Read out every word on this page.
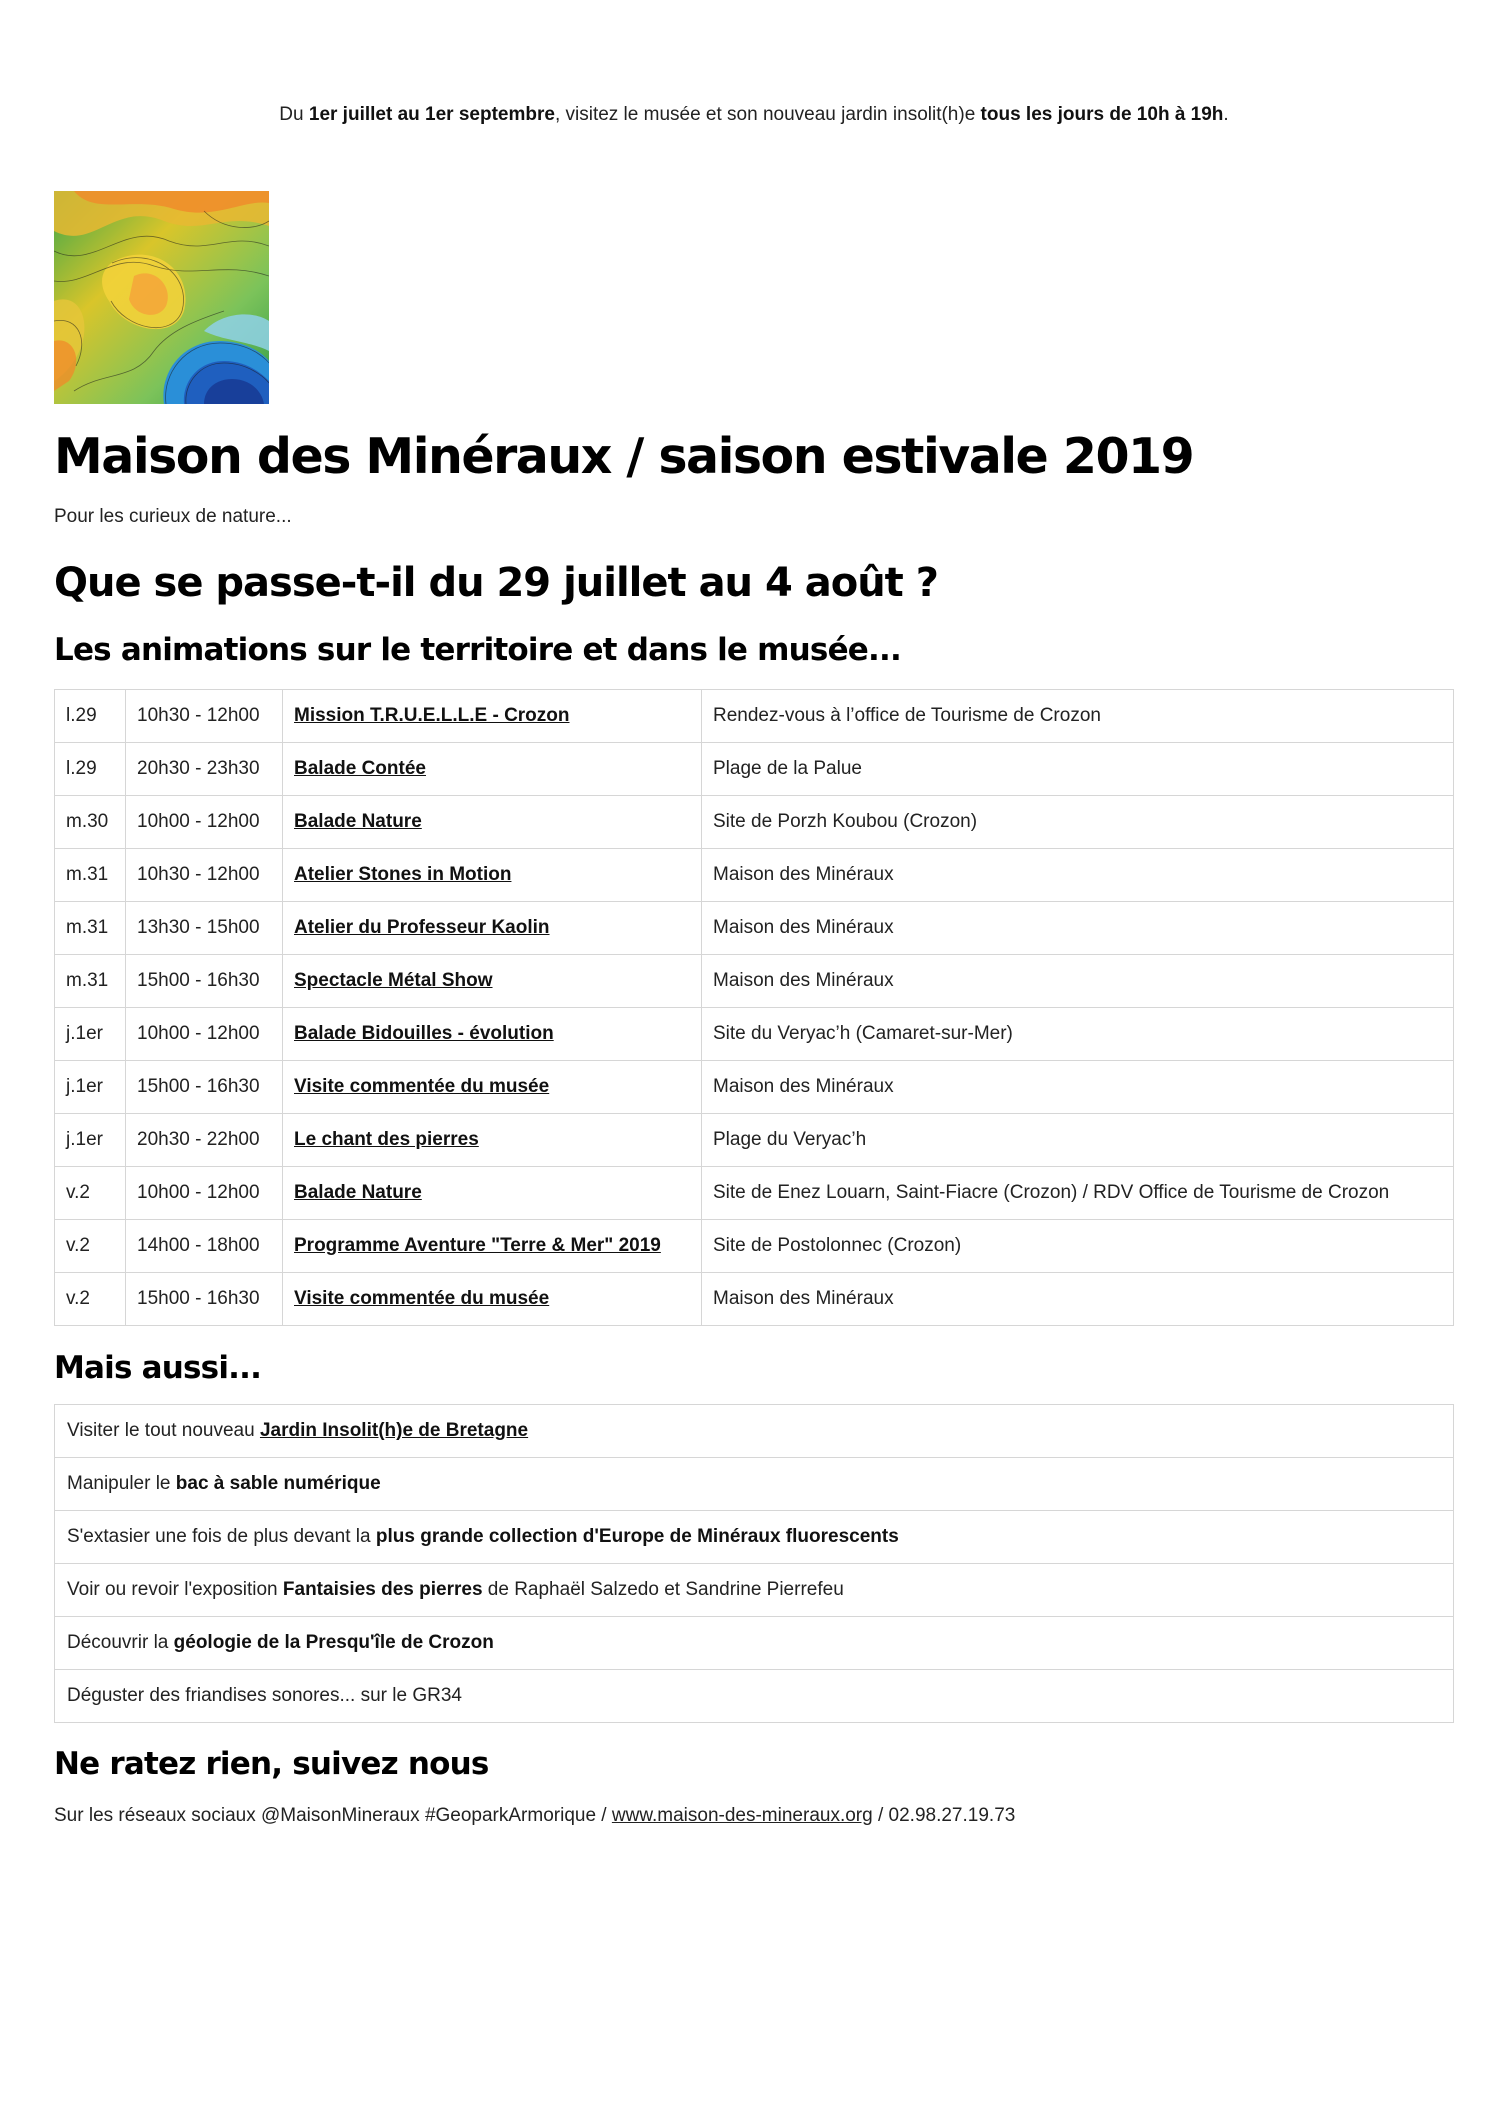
Du 1er juillet au 1er septembre, visitez le musée et son nouveau jardin insolit(h)e tous les jours de 10h à 19h.
Maison des Minéraux / saison estivale 2019
Pour les curieux de nature...
Que se passe-t-il du 29 juillet au 4 août ?
Les animations sur le territoire et dans le musée...
l.29	10h30 - 12h00	Mission T.R.U.E.L.L.E - Crozon	Rendez-vous à l’office de Tourisme de Crozon
l.29	20h30 - 23h30	Balade Contée	Plage de la Palue
m.30	10h00 - 12h00	Balade Nature	Site de Porzh Koubou (Crozon)
m.31	10h30 - 12h00	Atelier Stones in Motion	Maison des Minéraux
m.31	13h30 - 15h00	Atelier du Professeur Kaolin	Maison des Minéraux
m.31	15h00 - 16h30	Spectacle Métal Show	Maison des Minéraux
j.1er	10h00 - 12h00	Balade Bidouilles - évolution	Site du Veryac’h (Camaret-sur-Mer)
j.1er	15h00 - 16h30	Visite commentée du musée	Maison des Minéraux
j.1er	20h30 - 22h00	Le chant des pierres	Plage du Veryac’h
v.2	10h00 - 12h00	Balade Nature	Site de Enez Louarn, Saint-Fiacre (Crozon) / RDV Office de Tourisme de Crozon
v.2	14h00 - 18h00	Programme Aventure "Terre & Mer" 2019	Site de Postolonnec (Crozon)
v.2	15h00 - 16h30	Visite commentée du musée	Maison des Minéraux
Mais aussi...
Visiter le tout nouveau Jardin Insolit(h)e de Bretagne
Manipuler le bac à sable numérique
S'extasier une fois de plus devant la plus grande collection d'Europe de Minéraux fluorescents
Voir ou revoir l'exposition Fantaisies des pierres de Raphaël Salzedo et Sandrine Pierrefeu
Découvrir la géologie de la Presqu'île de Crozon
Déguster des friandises sonores... sur le GR34
Ne ratez rien, suivez nous
Sur les réseaux sociaux @MaisonMineraux #GeoparkArmorique / www.maison-des-mineraux.org / 02.98.27.19.73
